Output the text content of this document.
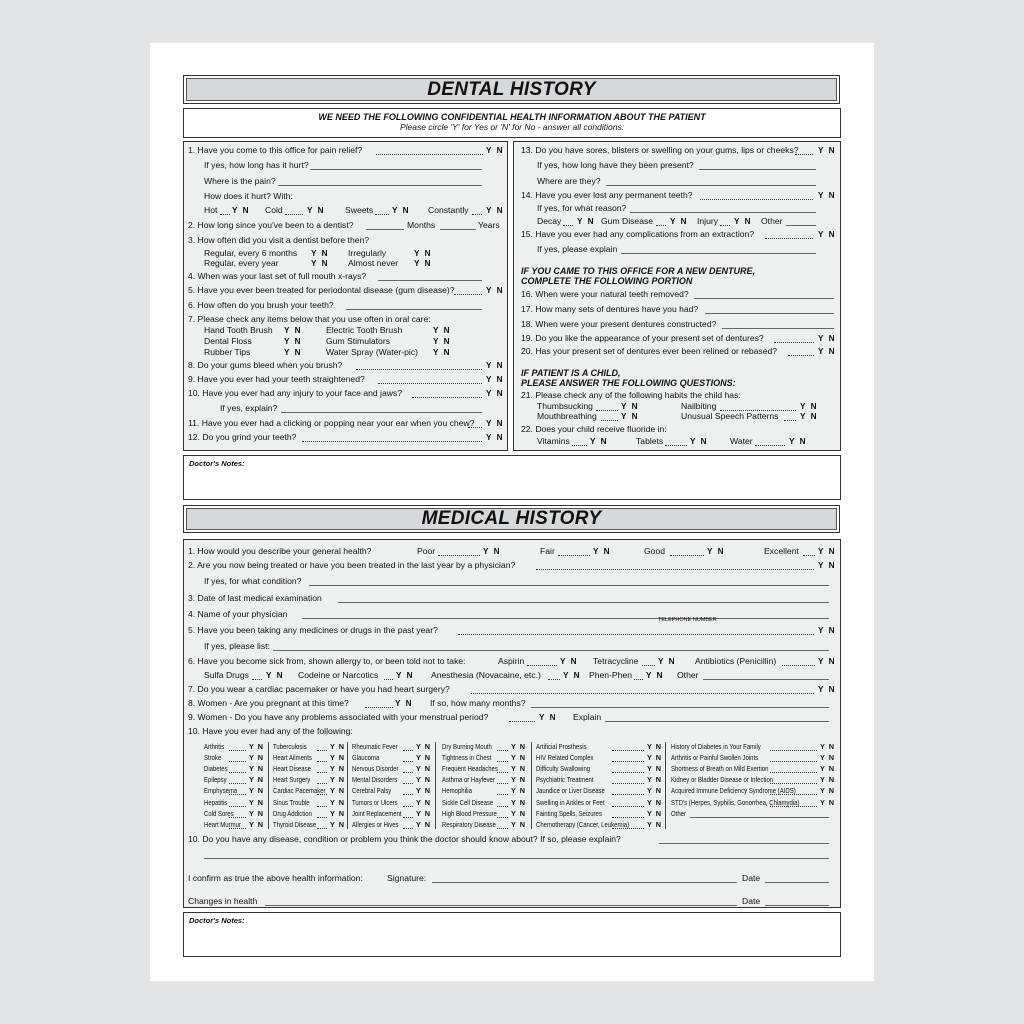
DENTAL HISTORY
WE NEED THE FOLLOWING CONFIDENTIAL HEALTH INFORMATION ABOUT THE PATIENT
Please circle 'Y' for Yes or 'N' for No - answer all conditions:
1. Have you come to this office for pain relief?	Y N
If yes, how long has it hurt?
Where is the pain?
How does it hurt? With:
Hot Y N Cold	Y N Sweets Y N Constantly Y N
2. How long since you've been to a dentist?	Months	Years
3. How often did you visit a dentist before then?
Regular, every 6 months Y N Irregularly	Y N
Regular, every year	Y N Almost never Y N
4. When was your last set of full mouth x-rays?
5. Have you ever been treated for periodontal disease (gum disease)?	Y N
6. How often do you brush your teeth?
7. Please check any items below that you use often in oral care:
Hand Tooth Brush Y N	Electric Tooth Brush	Y N
Dental Floss	Y N	Gum Stimulators	Y N
Rubber Tips	Y N	Water Spray (Water-pic) Y N
8. Do your gums bleed when you brush?	Y N
9. Have you ever had your teeth straightened?	Y N
10. Have you ever had any injury to your face and jaws?	Y N
If yes, explain?
11. Have you ever had a clicking or popping near your ear when you chew? Y N
12. Do you grind your teeth?	Y N
13. Do you have sores, blisters or swelling on your gums, lips or cheeks? Y N
If yes, how long have they been present?
Where are they?
14. Have you ever lost any permanent teeth?	Y N
If yes, for what reason?
Decay Y N Gum Disease Y N Injury Y N Other
15. Have you ever had any complications from an extraction?	Y N
If yes, please explain
IF YOU CAME TO THIS OFFICE FOR A NEW DENTURE,
COMPLETE THE FOLLOWING PORTION
16. When were your natural teeth removed?
17. How many sets of dentures have you had?
18. When were your present dentures constructed?
19. Do you like the appearance of your present set of dentures?	Y N
20. Has your present set of dentures ever been relined or rebased?	Y N
IF PATIENT IS A CHILD,
PLEASE ANSWER THE FOLLOWING QUESTIONS:
21. Please check any of the following habits the child has:
Thumbsucking	Y N	Nailbiting	Y N
Mouthbreathing	Y N	Unusual Speech Patterns	Y N
22. Does your child receive fluoride in:
Vitamins Y N	Tablets	Y N	Water	Y N
Doctor's Notes:
MEDICAL HISTORY
1. How would you describe your general health?	Poor	Y N	Fair	Y N	Good	Y N	Excellent Y N
2. Are you now being treated or have you been treated in the last year by a physician?	Y N
If yes, for what condition?
3. Date of last medical examination
4. Name of your physician
TELEPHONE NUMBER
5. Have you been taking any medicines or drugs in the past year?	Y N
If yes, please list:
6. Have you become sick from, shown allergy to, or been told not to take:	Aspirin	Y N Tetracycline Y N Antibiotics (Penicillin)	Y N
Sulfa Drugs Y N Codeine or Narcotics Y N Anesthesia (Novacaine, etc.)	Y N Phen-Phen Y N Other
7. Do you wear a cardiac pacemaker or have you had heart surgery?	Y N
8. Women - Are you pregnant at this time?	Y N If so, how many months?
9. Women - Do you have any problems associated with your menstrual period?	Y N Explain
10. Have you ever had any of the following:
Arthritis	Y N
Stroke	Y N
Diabetes	Y N
Epilepsy	Y N
Emphysema Y N
Hepatitis	Y N
Cold Sores Y N
Heart Murmur Y N
Tuberculosis	Y N
Heart Ailments Y N
Heart Disease	Y N
Heart Surgery	Y N
Cardiac Pacemaker Y N
Sinus Trouble	Y N
Drug Addiction Y N
Thyroid Disease Y N
Rheumatic Fever	Y N
Glaucoma	Y N
Nervous Disorder Y N
Mental Disorders	Y N
Cerebral Palsy	Y N
Tumors or Ulcers	Y N
Joint Replacement Y N
Allergies or Hives Y N
Dry Burning Mouth	Y N
Tightness in Chest	Y N
Frequent Headaches Y N
Asthma or Hayfever Y N
Hemophilia	Y N
Sickle Cell Disease Y N
High Blood Pressure Y N
Respiratory Disease Y N
Artificial Prosthesis	Y N
HIV Related Complex	Y N
Difficulty Swallowing	Y N
Psychiatric Treatment	Y N
Jaundice or Liver Disease	Y N
Swelling in Ankles or Feet	Y N
Fainting Spells, Seizures	Y N
Chemotherapy (Cancer, Leukemia) Y N
History of Diabetes in Your Family	Y N
Arthritis or Painful Swollen Joints	Y N
Shortness of Breath on Mild Exertion	Y N
Kidney or Bladder Disease or Infection	Y N
Acquired Immune Deficiency Syndrome (AIDS)	Y N
STD's (Herpes, Syphilis, Gonorrhea, Chlamydia)	Y N
Other
10. Do you have any disease, condition or problem you think the doctor should know about? If so, please explain?
I confirm as true the above health information:	Signature:	Date
Changes in health	Date
Doctor's Notes:
